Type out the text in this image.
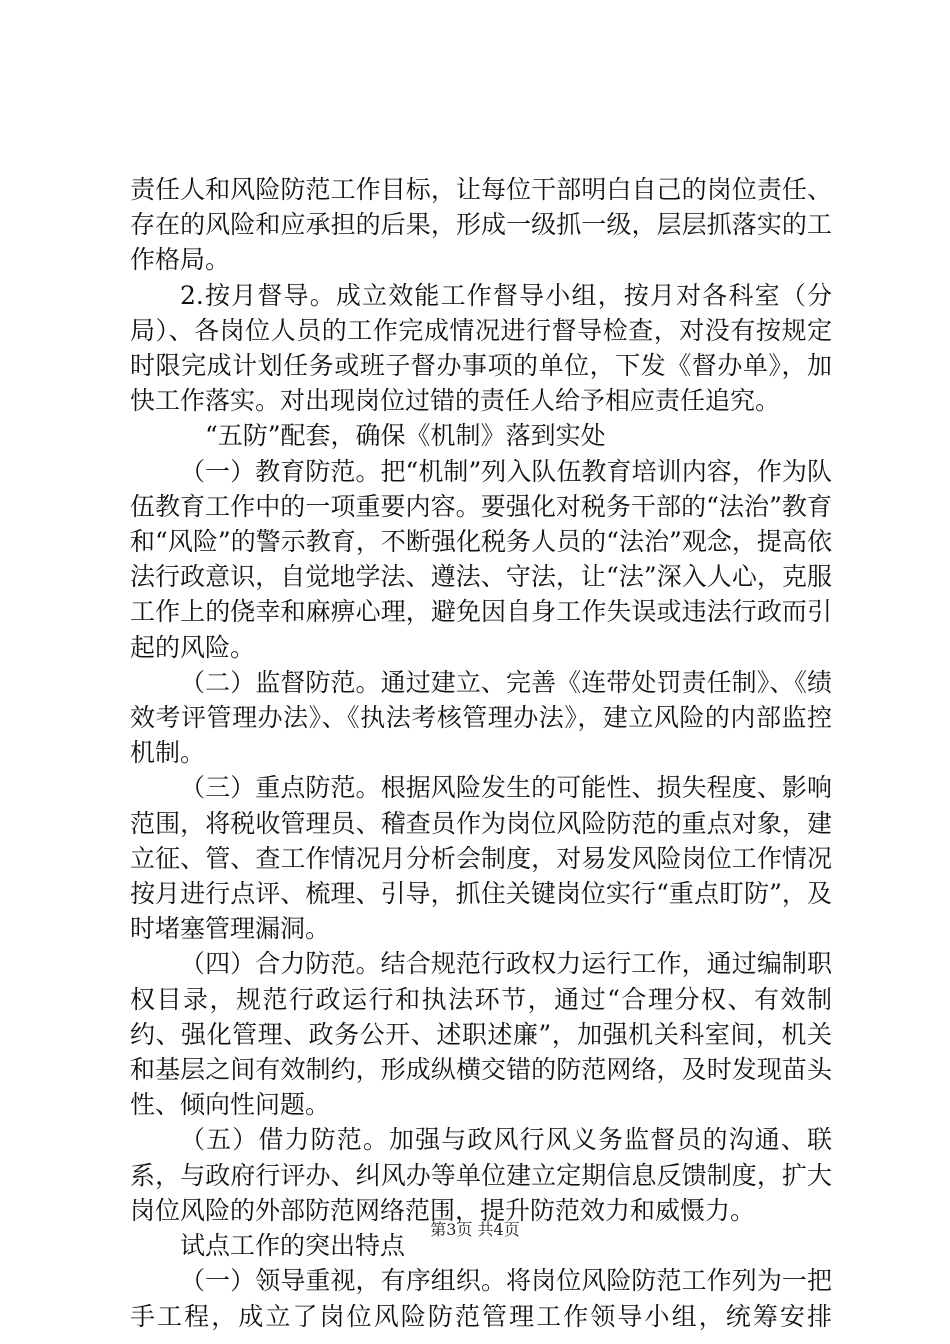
责任人和风险防范工作目标，让每位干部明白自己的岗位责任、存在的风险和应承担的后果，形成一级抓一级，层层抓落实的工作格局。

2.按月督导。成立效能工作督导小组，按月对各科室（分局）、各岗位人员的工作完成情况进行督导检查，对没有按规定时限完成计划任务或班子督办事项的单位，下发《督办单》，加快工作落实。对出现岗位过错的责任人给予相应责任追究。

“五防”配套，确保《机制》落到实处

（一）教育防范。把“机制”列入队伍教育培训内容，作为队伍教育工作中的一项重要内容。要强化对税务干部的“法治”教育和“风险”的警示教育，不断强化税务人员的“法治”观念，提高依法行政意识，自觉地学法、遵法、守法，让“法”深入人心，克服工作上的侥幸和麻痹心理，避免因自身工作失误或违法行政而引起的风险。

（二）监督防范。通过建立、完善《连带处罚责任制》、《绩效考评管理办法》、《执法考核管理办法》，建立风险的内部监控机制。

（三）重点防范。根据风险发生的可能性、损失程度、影响范围，将税收管理员、稽查员作为岗位风险防范的重点对象，建立征、管、查工作情况月分析会制度，对易发风险岗位工作情况按月进行点评、梳理、引导，抓住关键岗位实行“重点盯防”，及时堵塞管理漏洞。

（四）合力防范。结合规范行政权力运行工作，通过编制职权目录，规范行政运行和执法环节，通过“合理分权、有效制约、强化管理、政务公开、述职述廉”，加强机关科室间，机关和基层之间有效制约，形成纵横交错的防范网络，及时发现苗头性、倾向性问题。

（五）借力防范。加强与政风行风义务监督员的沟通、联系，与政府行评办、纠风办等单位建立定期信息反馈制度，扩大岗位风险的外部防范网络范围，提升防范效力和威慑力。

试点工作的突出特点

（一）领导重视，有序组织。将岗位风险防范工作列为一把手工程，成立了岗位风险防范管理工作领导小组，统筹安排

第3页 共4页
